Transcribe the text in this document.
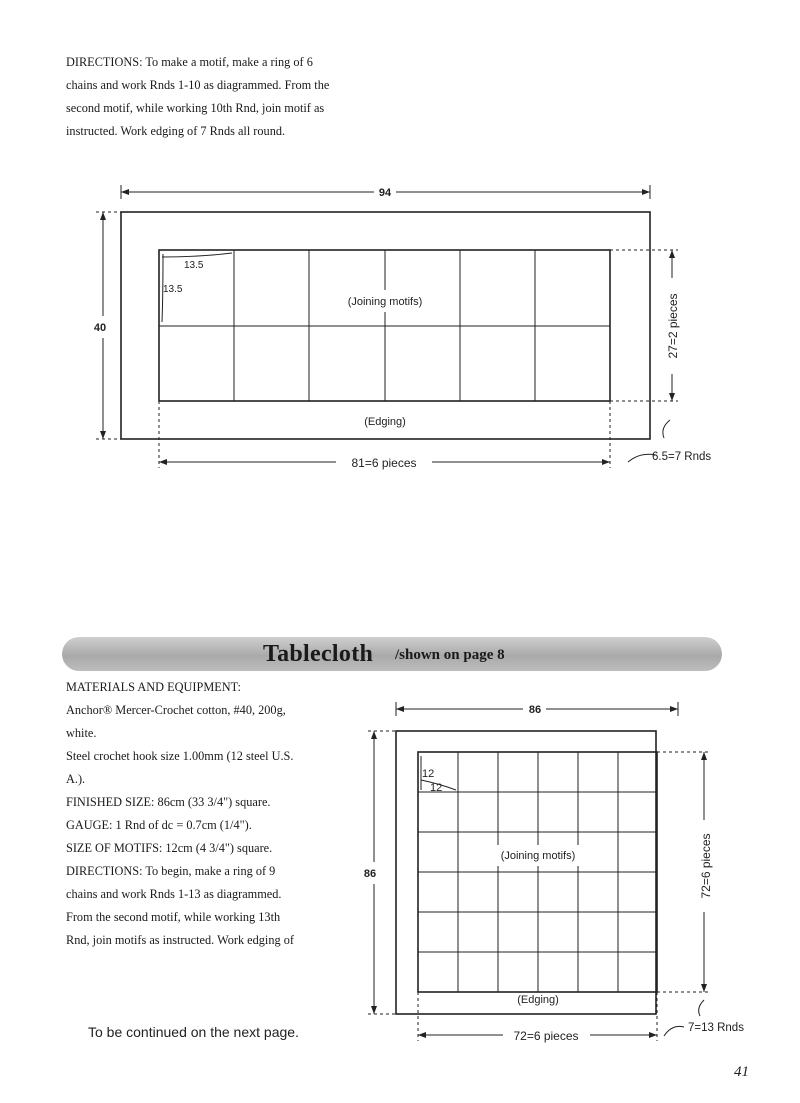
DIRECTIONS: To make a motif, make a ring of 6
chains and work Rnds 1-10 as diagrammed. From the
second motif, while working 10th Rnd, join motif as
instructed. Work edging of 7 Rnds all round.

94
40
13.5
13.5
(Joining motifs)
(Edging)
81=6 pieces
27=2 pieces
6.5=7 Rnds
Tablecloth /shown on page 8

MATERIALS AND EQUIPMENT:
Anchor® Mercer-Crochet cotton, #40, 200g,
white.
Steel crochet hook size 1.00mm (12 steel U.S.
A.).
FINISHED SIZE: 86cm (33 3/4") square.
GAUGE: 1 Rnd of dc = 0.7cm (1/4").
SIZE OF MOTIFS: 12cm (4 3/4") square.
DIRECTIONS: To begin, make a ring of 9
chains and work Rnds 1-13 as diagrammed.
From the second motif, while working 13th
Rnd, join motifs as instructed. Work edging of

86
86
12
12
(Joining motifs)
(Edging)
72=6 pieces
72=6 pieces
7=13 Rnds
To be continued on the next page.
41
